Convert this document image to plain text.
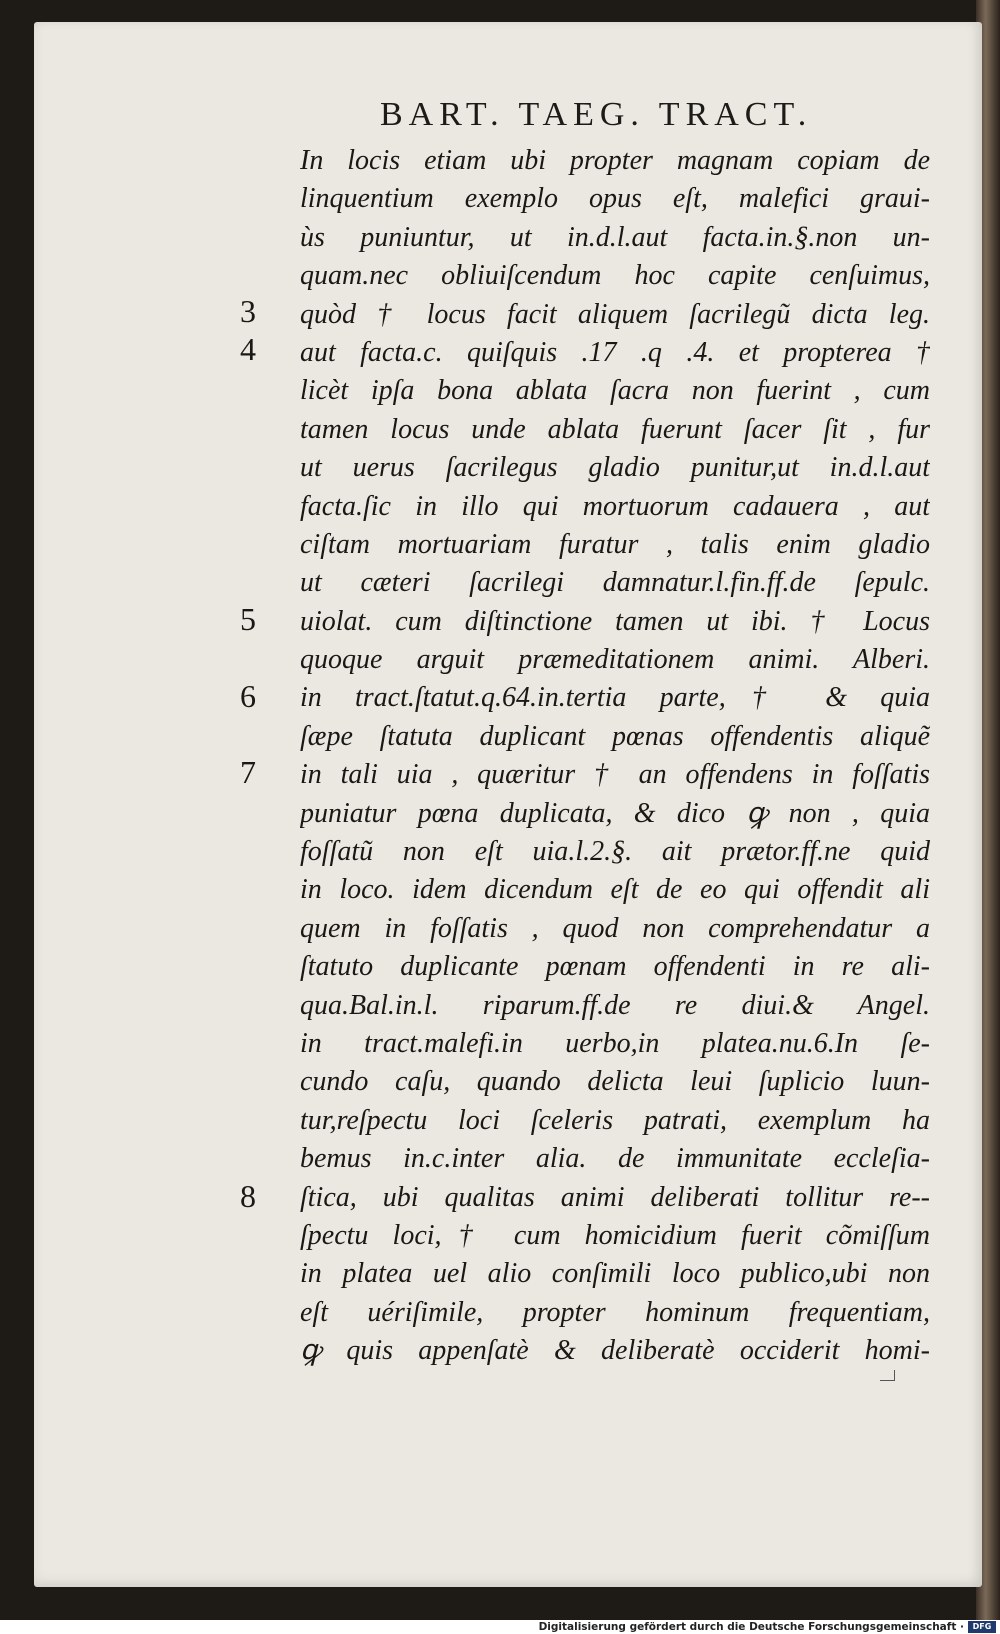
BART. TAEG. TRACT.
In locis etiam ubi propter magnam copiam de
linquentium exemplo opus eſt, malefici graui-
ùs puniuntur, ut in.d.l.aut facta.in.§.non un-
quam.nec obliuiſcendum hoc capite cenſuimus,
quòd † locus facit aliquem ſacrilegũ dicta leg.
aut facta.c. quiſquis .17 .q .4. et propterea †
licèt ipſa bona ablata ſacra non fuerint , cum
tamen locus unde ablata fuerunt ſacer ſit , fur
ut uerus ſacrilegus gladio punitur,ut in.d.l.aut
facta.ſic in illo qui mortuorum cadauera , aut
ciſtam mortuariam furatur , talis enim gladio
ut cæteri ſacrilegi damnatur.l.fin.ff.de ſepulc.
uiolat. cum diſtinctione tamen ut ibi. † Locus
quoque arguit præmeditationem animi. Alberi.
in tract.ſtatut.q.64.in.tertia parte,† & quia
ſæpe ſtatuta duplicant pœnas offendentis aliquẽ
in tali uia , quæritur † an offendens in foſſatis
puniatur pœna duplicata, & dico ꝙ non , quia
foſſatũ non eſt uia.l.2.§. ait prætor.ff.ne quid
in loco. idem dicendum eſt de eo qui offendit ali
quem in foſſatis , quod non comprehendatur a
ſtatuto duplicante pœnam offendenti in re ali-
qua.Bal.in.l. riparum.ff.de re diui.& Angel.
in tract.malefi.in uerbo,in platea.nu.6.In ſe-
cundo caſu, quando delicta leui ſuplicio luun-
tur,reſpectu loci ſceleris patrati, exemplum ha
bemus in.c.inter alia. de immunitate eccleſia-
ſtica, ubi qualitas animi deliberati tollitur re--
ſpectu loci,† cum homicidium fuerit cõmiſſum
in platea uel alio conſimili loco publico,ubi non
eſt uériſimile, propter hominum frequentiam,
ꝙ quis appenſatè & deliberatè occiderit homi-
3
4
5
6
7
8
Digitalisierung gefördert durch die Deutsche Forschungsgemeinschaft ·	DFG
